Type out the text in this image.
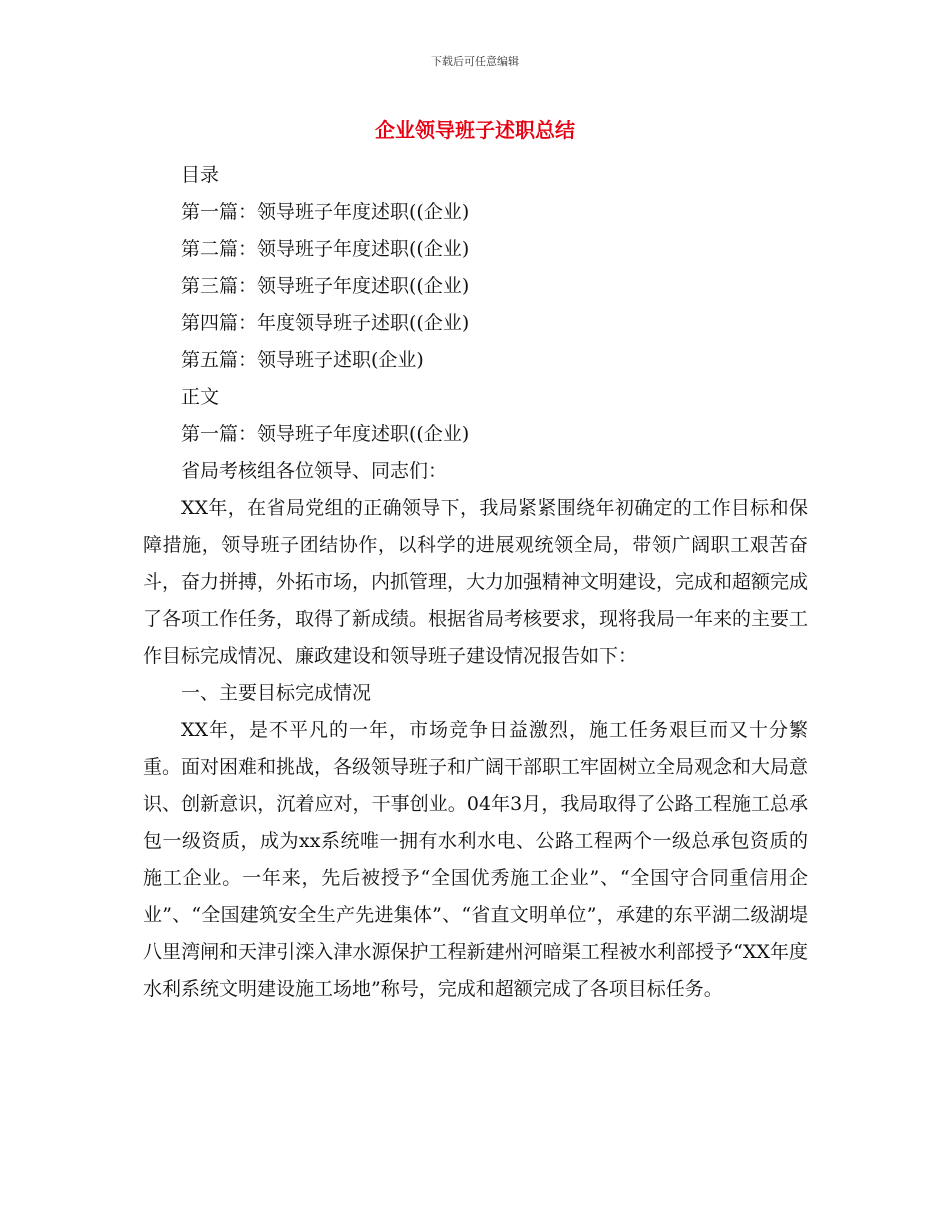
下载后可任意编辑
企业领导班子述职总结
目录
第一篇：领导班子年度述职((企业)
第二篇：领导班子年度述职((企业)
第三篇：领导班子年度述职((企业)
第四篇：年度领导班子述职((企业)
第五篇：领导班子述职(企业)
正文
第一篇：领导班子年度述职((企业)
省局考核组各位领导、同志们：
XX年，在省局党组的正确领导下，我局紧紧围绕年初确定的工作目标和保障措施，领导班子团结协作，以科学的进展观统领全局，带领广阔职工艰苦奋斗，奋力拼搏，外拓市场，内抓管理，大力加强精神文明建设，完成和超额完成了各项工作任务，取得了新成绩。根据省局考核要求，现将我局一年来的主要工作目标完成情况、廉政建设和领导班子建设情况报告如下：
一、主要目标完成情况
XX年，是不平凡的一年，市场竞争日益激烈，施工任务艰巨而又十分繁重。面对困难和挑战，各级领导班子和广阔干部职工牢固树立全局观念和大局意识、创新意识，沉着应对，干事创业。04年3月，我局取得了公路工程施工总承包一级资质，成为xx系统唯一拥有水利水电、公路工程两个一级总承包资质的施工企业。一年来，先后被授予“全国优秀施工企业”、“全国守合同重信用企业”、“全国建筑安全生产先进集体”、“省直文明单位”，承建的东平湖二级湖堤八里湾闸和天津引滦入津水源保护工程新建州河暗渠工程被水利部授予“XX年度水利系统文明建设施工场地”称号，完成和超额完成了各项目标任务。
